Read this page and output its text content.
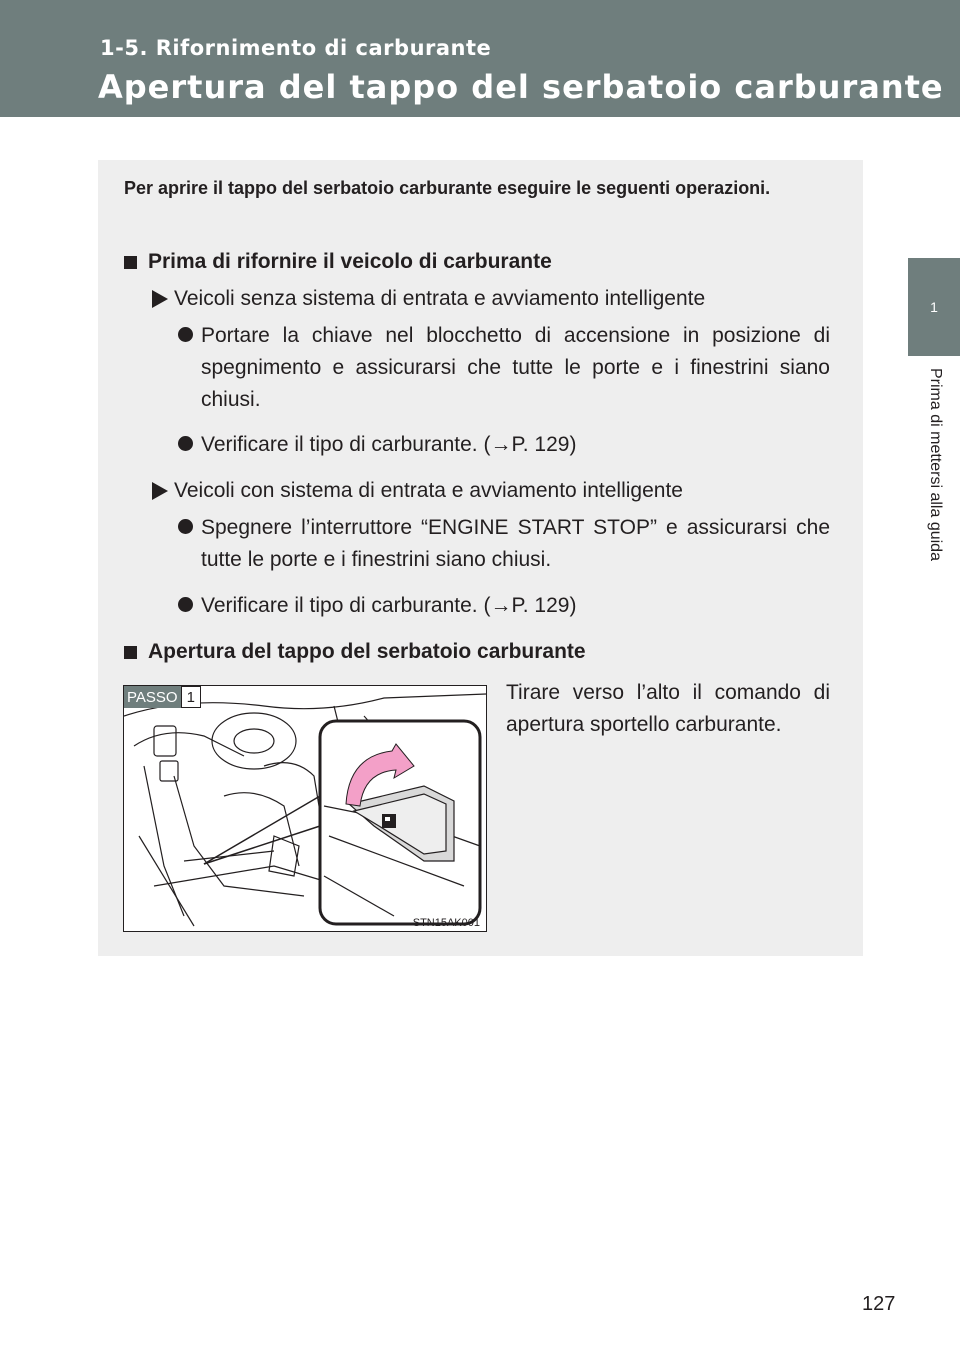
1-5. Rifornimento di carburante
Apertura del tappo del serbatoio carburante
1
Prima di mettersi alla guida
Per aprire il tappo del serbatoio carburante eseguire le seguenti operazioni.
Prima di rifornire il veicolo di carburante
Veicoli senza sistema di entrata e avviamento intelligente
Portare la chiave nel blocchetto di accensione in posizione di spegnimento e assicurarsi che tutte le porte e i finestrini siano chiusi.
Verificare il tipo di carburante. (→P. 129)
Veicoli con sistema di entrata e avviamento intelligente
Spegnere l’interruttore “ENGINE START STOP” e assicurarsi che tutte le porte e i finestrini siano chiusi.
Verificare il tipo di carburante. (→P. 129)
Apertura del tappo del serbatoio carburante
PASSO 1
STN15AK001
Tirare verso l’alto il comando di apertura sportello carburante.
127
